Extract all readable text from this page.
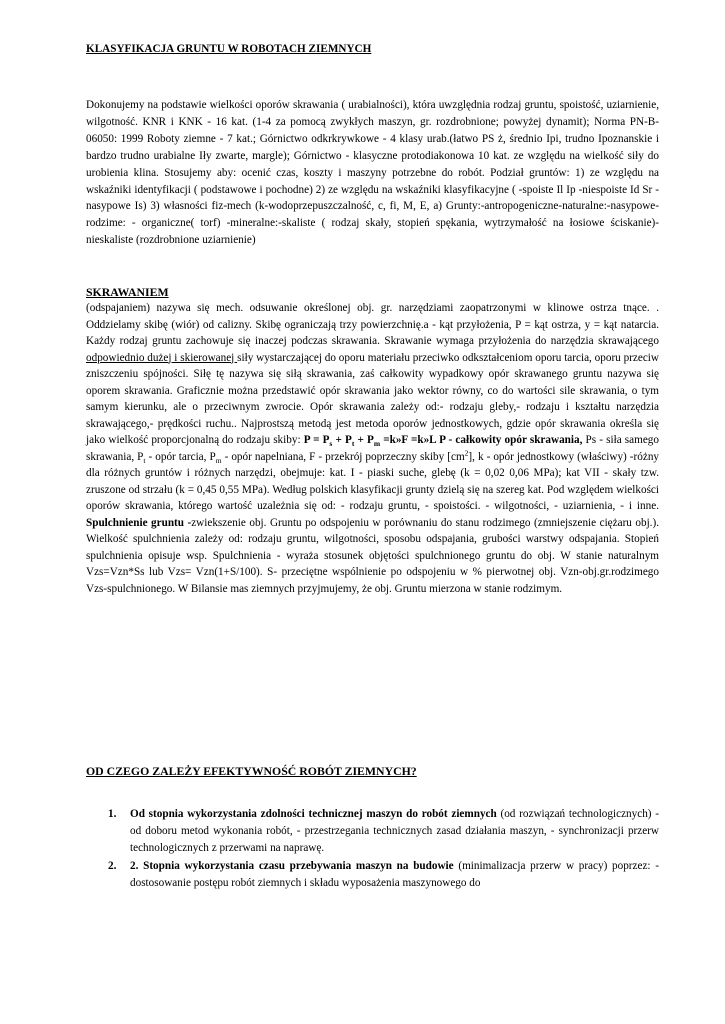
KLASYFIKACJA GRUNTU W ROBOTACH ZIEMNYCH

Dokonujemy na podstawie wielkości oporów skrawania ( urabialności), która uwzględnia rodzaj gruntu, spoistość, uziarnienie, wilgotność. KNR i KNK - 16 kat. (1-4 za pomocą zwykłych maszyn, gr. rozdrobnione; powyżej dynamit); Norma PN-B-06050: 1999 Roboty ziemne - 7 kat.; Górnictwo odkrkrywkowe - 4 klasy urab.(łatwo PS ż, średnio Ipi, trudno Ipoznanskie i bardzo trudno urabialne Iły zwarte, margle); Górnictwo - klasyczne protodiakonowa 10 kat. ze względu na wielkość siły do urobienia klina. Stosujemy aby: ocenić czas, koszty i maszyny potrzebne do robót. Podział gruntów: 1) ze względu na wskaźniki identyfikacji ( podstawowe i pochodne) 2) ze względu na wskaźniki klasyfikacyjne ( -spoiste Il Ip -niespoiste Id Sr -nasypowe Is) 3) własności fiz-mech (k-wodoprzepuszczalność, c, fi, M, E, a) Grunty:-antropogeniczne-naturalne:-nasypowe-rodzime: - organiczne( torf) -mineralne:-skaliste ( rodzaj skały, stopień spękania, wytrzymałość na łosiowe ściskanie)-nieskaliste (rozdrobnione uziarnienie)

SKRAWANIEM

(odspajaniem) nazywa się mech. odsuwanie określonej obj. gr. narzędziami zaopatrzonymi w klinowe ostrza tnące. . Oddzielamy skibę (wiór) od calizny. Skibę ograniczają trzy powierzchnię.a - kąt przyłożenia, P = kąt ostrza, y = kąt natarcia. Każdy rodzaj gruntu zachowuje się inaczej podczas skrawania. Skrawanie wymaga przyłożenia do narzędzia skrawającego odpowiednio dużej i skierowanej siły wystarczającej do oporu materiału przeciwko odkształceniom oporu tarcia, oporu przeciw zniszczeniu spójności. Siłę tę nazywa się siłą skrawania, zaś całkowity wypadkowy opór skrawanego gruntu nazywa się oporem skrawania. Graficznie można przedstawić opór skrawania jako wektor równy, co do wartości sile skrawania, o tym samym kierunku, ale o przeciwnym zwrocie. Opór skrawania zależy od:- rodzaju gleby,- rodzaju i kształtu narzędzia skrawającego,- prędkości ruchu.. Najprostszą metodą jest metoda oporów jednostkowych, gdzie opór skrawania określa się jako wielkość proporcjonalną do rodzaju skiby: $P = P_s + P_t + P_m$ =k»F =k»L P - całkowity opór skrawania, Ps - siła samego skrawania, $P_t$ - opór tarcia, $P_m$ - opór napelniana, F - przekrój poprzeczny skiby $[cm^2]$, k - opór jednostkowy (właściwy) -różny dla różnych gruntów i różnych narzędzi, obejmuje: kat. I - piaski suche, glebę (k = 0,02 0,06 MPa); kat VII - skały tzw. zruszone od strzału (k = 0,45 0,55 MPa). Według polskich klasyfikacji grunty dzielą się na szereg kat. Pod względem wielkości oporów skrawania, którego wartość uzależnia się od: - rodzaju gruntu, - spoistości. - wilgotności, - uziarnienia, - i inne. Spulchnienie gruntu -zwiekszenie obj. Gruntu po odspojeniu w porównaniu do stanu rodzimego (zmniejszenie ciężaru obj.). Wielkość spulchnienia zależy od: rodzaju gruntu, wilgotności, sposobu odspajania, grubości warstwy odspajania. Stopień spulchnienia opisuje wsp. Spulchnienia - wyraża stosunek objętości spulchnionego gruntu do obj. W stanie naturalnym Vzs=Vzn*Ss lub Vzs= Vzn(1+S/100). S- przeciętne wspólnienie po odspojeniu w % pierwotnej obj. Vzn-obj.gr.rodzimego Vzs-spulchnionego. W Bilansie mas ziemnych przyjmujemy, że obj. Gruntu mierzona w stanie rodzimym.

OD CZEGO ZALEŻY EFEKTYWNOŚĆ ROBÓT ZIEMNYCH?
1. Od stopnia wykorzystania zdolności technicznej maszyn do robót ziemnych (od rozwiązań technologicznych) - od doboru metod wykonania robót, - przestrzegania technicznych zasad działania maszyn, - synchronizacji przerw technologicznych z przerwami na naprawę.
2. 2. Stopnia wykorzystania czasu przebywania maszyn na budowie (minimalizacja przerw w pracy) poprzez: - dostosowanie postępu robót ziemnych i składu wyposażenia maszynowego do
